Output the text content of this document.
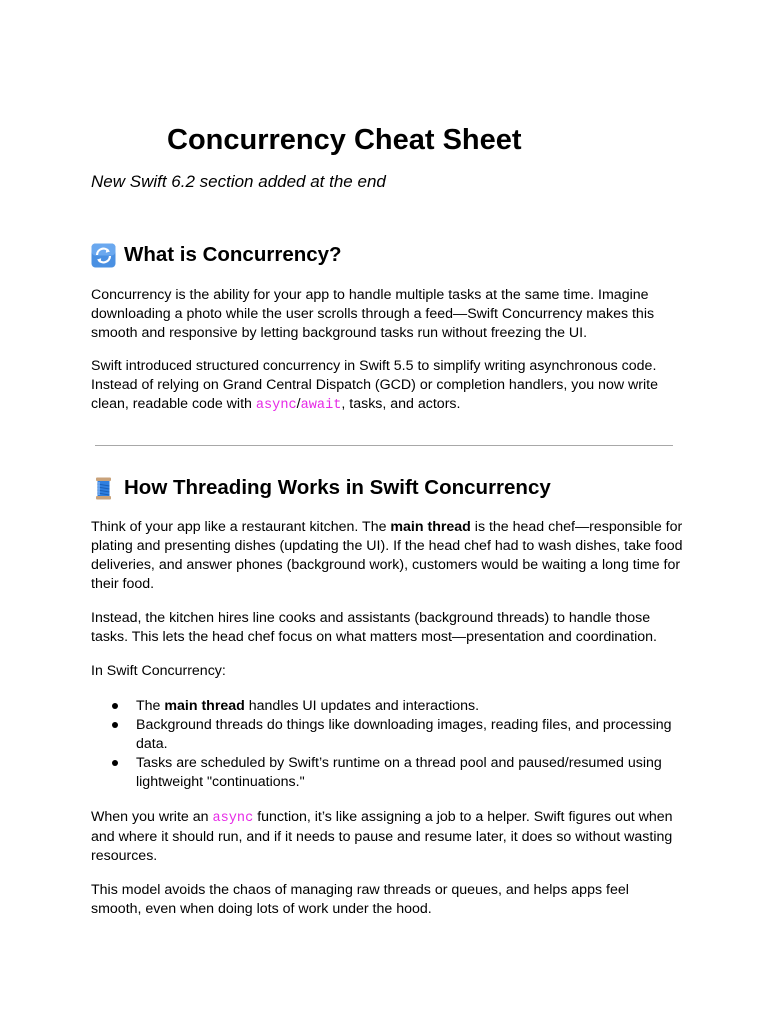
Concurrency Cheat Sheet

New Swift 6.2 section added at the end

What is Concurrency?

Concurrency is the ability for your app to handle multiple tasks at the same time. Imagine downloading a photo while the user scrolls through a feed—Swift Concurrency makes this smooth and responsive by letting background tasks run without freezing the UI.

Swift introduced structured concurrency in Swift 5.5 to simplify writing asynchronous code. Instead of relying on Grand Central Dispatch (GCD) or completion handlers, you now write clean, readable code with async/await, tasks, and actors.

How Threading Works in Swift Concurrency

Think of your app like a restaurant kitchen. The main thread is the head chef—responsible for plating and presenting dishes (updating the UI). If the head chef had to wash dishes, take food deliveries, and answer phones (background work), customers would be waiting a long time for their food.

Instead, the kitchen hires line cooks and assistants (background threads) to handle those tasks. This lets the head chef focus on what matters most—presentation and coordination.

In Swift Concurrency:

The main thread handles UI updates and interactions.
Background threads do things like downloading images, reading files, and processing data.
Tasks are scheduled by Swift’s runtime on a thread pool and paused/resumed using lightweight "continuations."

When you write an async function, it’s like assigning a job to a helper. Swift figures out when and where it should run, and if it needs to pause and resume later, it does so without wasting resources.

This model avoids the chaos of managing raw threads or queues, and helps apps feel smooth, even when doing lots of work under the hood.
